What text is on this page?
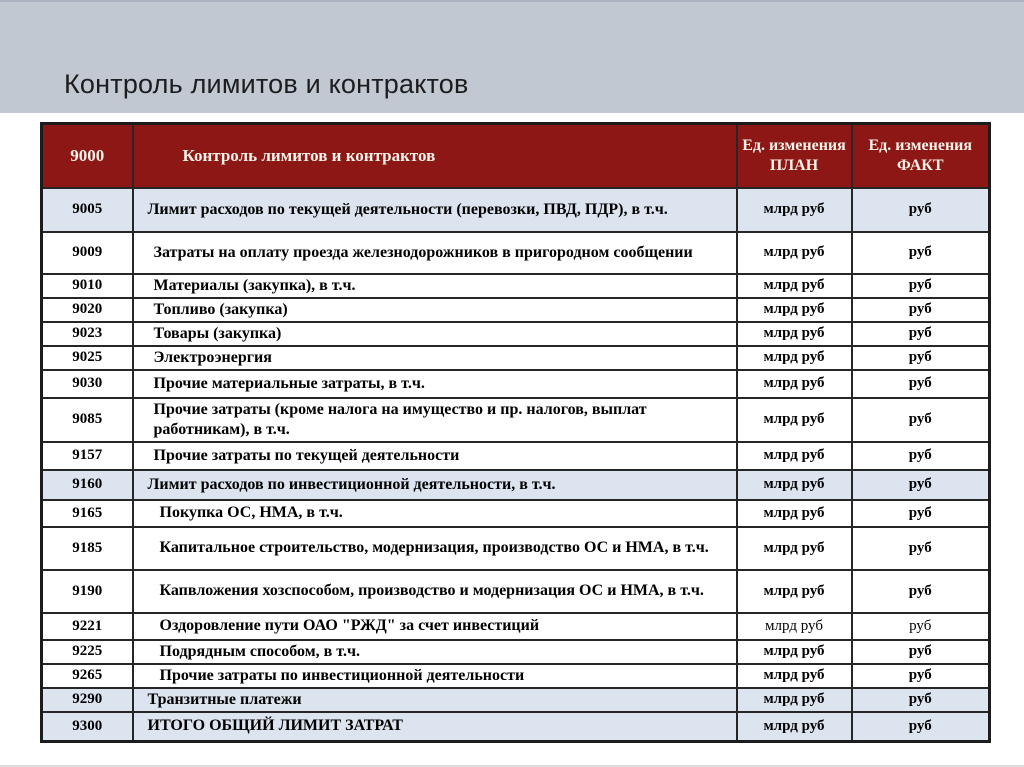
Контроль лимитов и контрактов
9000	Контроль лимитов и контрактов	Ед. изменения ПЛАН	Ед. изменения ФАКТ
9005	Лимит расходов по текущей деятельности (перевозки, ПВД, ПДР), в т.ч.	млрд руб	руб
9009	Затраты на оплату проезда железнодорожников в пригородном сообщении	млрд руб	руб
9010	Материалы (закупка), в т.ч.	млрд руб	руб
9020	Топливо (закупка)	млрд руб	руб
9023	Товары (закупка)	млрд руб	руб
9025	Электроэнергия	млрд руб	руб
9030	Прочие материальные затраты, в т.ч.	млрд руб	руб
9085	Прочие затраты (кроме налога на имущество и пр. налогов, выплат работникам), в т.ч.	млрд руб	руб
9157	Прочие затраты по текущей деятельности	млрд руб	руб
9160	Лимит расходов по инвестиционной деятельности, в т.ч.	млрд руб	руб
9165	Покупка ОС, НМА, в т.ч.	млрд руб	руб
9185	Капитальное строительство, модернизация, производство ОС и НМА, в т.ч.	млрд руб	руб
9190	Капвложения хозспособом, производство и модернизация ОС и НМА, в т.ч.	млрд руб	руб
9221	Оздоровление пути ОАО "РЖД" за счет инвестиций	млрд руб	руб
9225	Подрядным способом, в т.ч.	млрд руб	руб
9265	Прочие затраты по инвестиционной деятельности	млрд руб	руб
9290	Транзитные платежи	млрд руб	руб
9300	ИТОГО ОБЩИЙ ЛИМИТ ЗАТРАТ	млрд руб	руб
